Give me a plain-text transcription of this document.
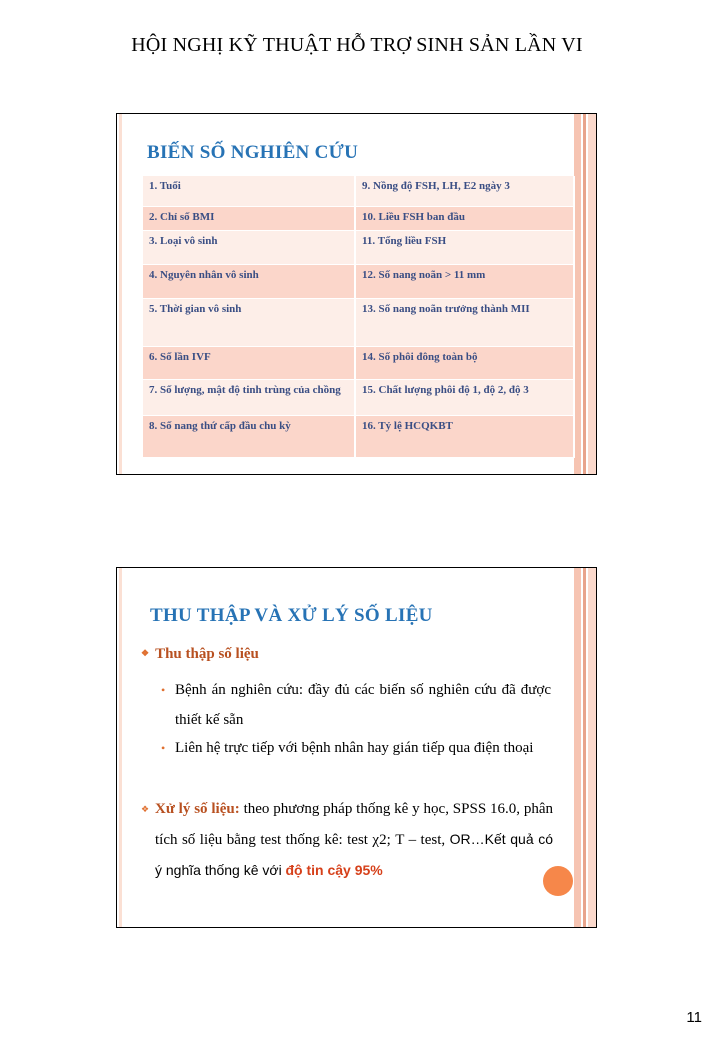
HỘI NGHỊ KỸ THUẬT HỖ TRỢ SINH SẢN LẦN VI
BIẾN SỐ NGHIÊN CỨU
1. Tuổi	9. Nồng độ FSH, LH, E2 ngày 3
2. Chỉ số BMI	10. Liều FSH ban đầu
3. Loại vô sinh	11. Tổng liều FSH
4. Nguyên nhân vô sinh	12. Số nang noãn > 11 mm
5. Thời gian vô sinh	13. Số nang noãn trưởng thành MII
6. Số lần IVF	14. Số phôi đông toàn bộ
7. Số lượng, mật độ tinh trùng của chồng	15. Chất lượng phôi độ 1, độ 2, độ 3
8. Số nang thứ cấp đầu chu kỳ	16. Tỷ lệ HCQKBT
THU THẬP VÀ XỬ LÝ SỐ LIỆU
❖ Thu thập số liệu
• Bệnh án nghiên cứu: đầy đủ các biến số nghiên cứu đã được thiết kế sẵn
• Liên hệ trực tiếp với bệnh nhân hay gián tiếp qua điện thoại
❖ Xử lý số liệu: theo phương pháp thống kê y học, SPSS 16.0, phân tích số liệu bằng test thống kê: test χ2; T – test, OR…Kết quả có ý nghĩa thống kê với độ tin cậy 95%
11
